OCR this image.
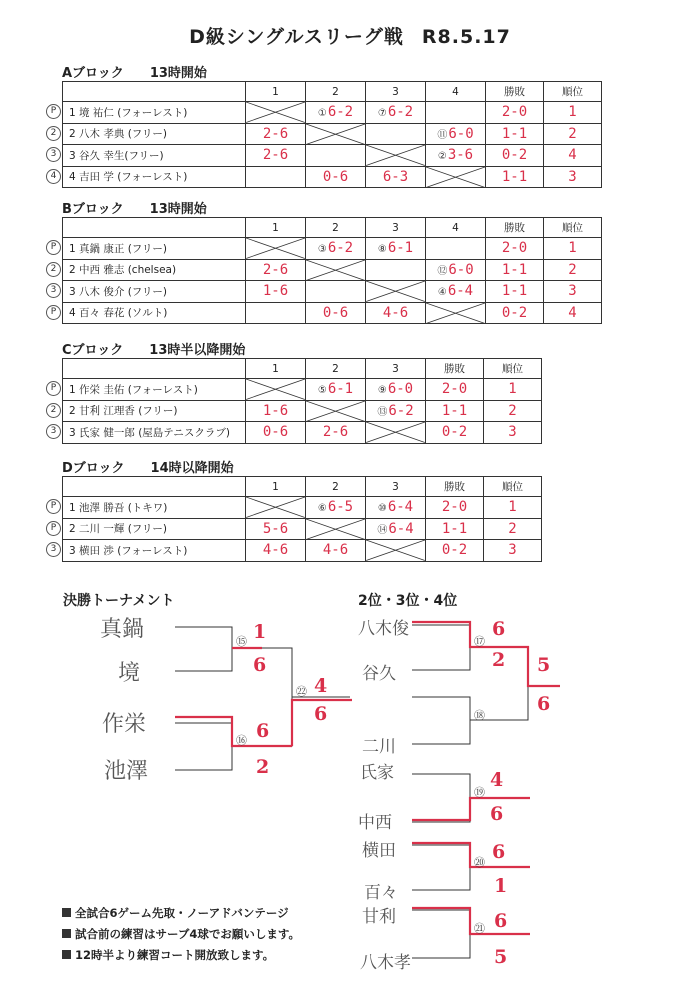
D級シングルスリーグ戦 R8.5.17
Aブロック 13時開始
	1	2	3	4	勝敗	順位

P 1 境 祐仁 (フォーレスト)		①6-2	⑦6-2		2-0	1

2 2 八木 孝典 (フリー)	2-6			⑪6-0	1-1	2

3 3 谷久 幸生(フリー)	2-6			②3-6	0-2	4

4 4 吉田 学 (フォーレスト)		0-6	6-3		1-1	3
Bブロック 13時開始
	1	2	3	4	勝敗	順位

P 1 真鍋 康正 (フリー)		③6-2	⑧6-1		2-0	1

2 2 中西 雅志 (chelsea)	2-6			⑫6-0	1-1	2

3 3 八木 俊介 (フリー)	1-6			④6-4	1-1	3

P 4 百々 春花 (ソルト)		0-6	4-6		0-2	4
Cブロック 13時半以降開始
	1	2	3	勝敗	順位

P 1 作栄 圭佑 (フォーレスト)		⑤6-1	⑨6-0	2-0	1

2 2 甘利 江理香 (フリー)	1-6		⑬6-2	1-1	2

3 3 氏家 健一郎 (屋島テニスクラブ)	0-6	2-6		0-2	3
Dブロック 14時以降開始
	1	2	3	勝敗	順位

P 1 池澤 勝吾 (トキワ)		⑥6-5	⑩6-4	2-0	1

P 2 二川 一輝 (フリー)	5-6		⑭6-4	1-1	2

3 3 横田 渉 (フォーレスト)	4-6	4-6		0-2	3
決勝トーナメント	2位・3位・4位
真鍋
境
作栄
池澤
八木俊
谷久
二川
氏家
中西
横田
百々
甘利
八木孝
⑮
⑯
㉒
⑰
⑱
⑲
⑳
㉑
1
6
6
2
4
6
6
2 5
6
4
6
6
1
6
5
全試合6ゲーム先取・ノーアドバンテージ
試合前の練習はサーブ4球でお願いします。
12時半より練習コート開放致します。
